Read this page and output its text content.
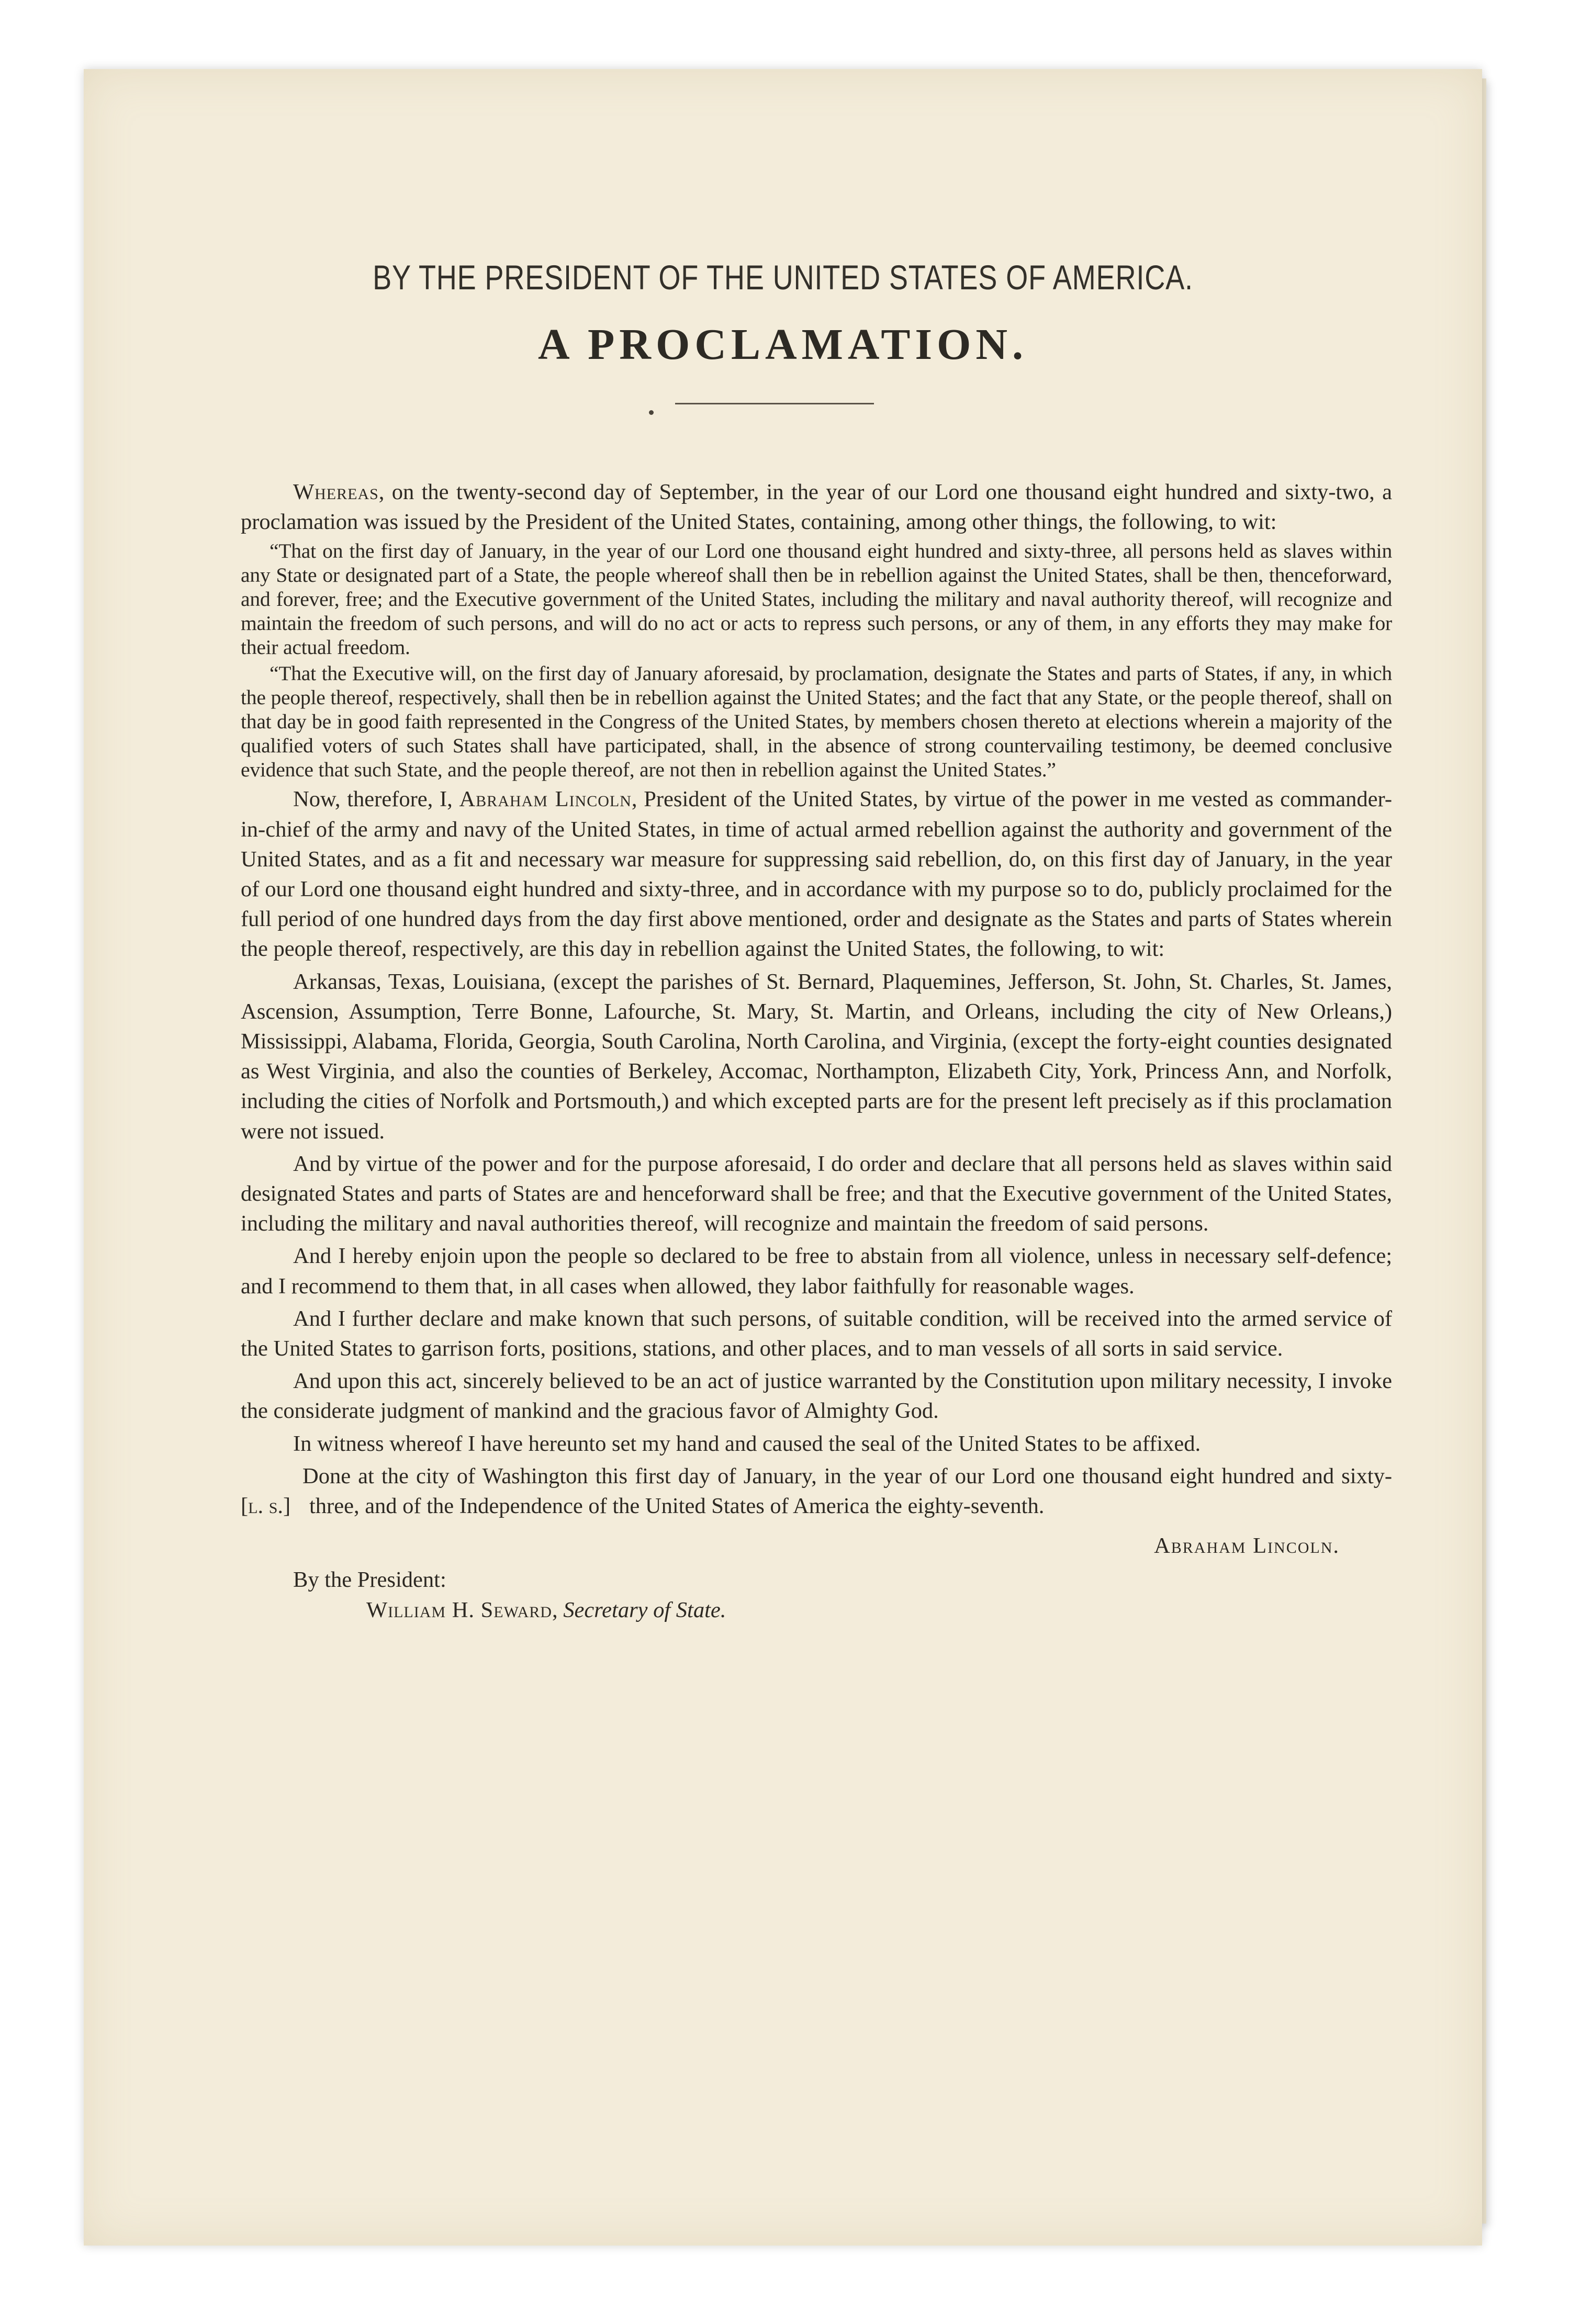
BY THE PRESIDENT OF THE UNITED STATES OF AMERICA.
A PROCLAMATION.

Whereas, on the twenty-second day of September, in the year of our Lord one thousand eight hundred and sixty-two, a proclamation was issued by the President of the United States, containing, among other things, the following, to wit:

“That on the first day of January, in the year of our Lord one thousand eight hundred and sixty-three, all persons held as slaves within any State or designated part of a State, the people whereof shall then be in rebellion against the United States, shall be then, thenceforward, and forever, free; and the Executive government of the United States, including the military and naval authority thereof, will recognize and maintain the freedom of such persons, and will do no act or acts to repress such persons, or any of them, in any efforts they may make for their actual freedom.

“That the Executive will, on the first day of January aforesaid, by proclamation, designate the States and parts of States, if any, in which the people thereof, respectively, shall then be in rebellion against the United States; and the fact that any State, or the people thereof, shall on that day be in good faith represented in the Congress of the United States, by members chosen thereto at elections wherein a majority of the qualified voters of such States shall have participated, shall, in the absence of strong countervailing testimony, be deemed conclusive evidence that such State, and the people thereof, are not then in rebellion against the United States.”

Now, therefore, I, Abraham Lincoln, President of the United States, by virtue of the power in me vested as commander-in-chief of the army and navy of the United States, in time of actual armed rebellion against the authority and government of the United States, and as a fit and necessary war measure for suppressing said rebellion, do, on this first day of January, in the year of our Lord one thousand eight hundred and sixty-three, and in accordance with my purpose so to do, publicly proclaimed for the full period of one hundred days from the day first above mentioned, order and designate as the States and parts of States wherein the people thereof, respectively, are this day in rebellion against the United States, the following, to wit:

Arkansas, Texas, Louisiana, (except the parishes of St. Bernard, Plaquemines, Jefferson, St. John, St. Charles, St. James, Ascension, Assumption, Terre Bonne, Lafourche, St. Mary, St. Martin, and Orleans, including the city of New Orleans,) Mississippi, Alabama, Florida, Georgia, South Carolina, North Carolina, and Virginia, (except the forty-eight counties designated as West Virginia, and also the counties of Berkeley, Accomac, Northampton, Elizabeth City, York, Princess Ann, and Norfolk, including the cities of Norfolk and Portsmouth,) and which excepted parts are for the present left precisely as if this proclamation were not issued.

And by virtue of the power and for the purpose aforesaid, I do order and declare that all persons held as slaves within said designated States and parts of States are and henceforward shall be free; and that the Executive government of the United States, including the military and naval authorities thereof, will recognize and maintain the freedom of said persons.

And I hereby enjoin upon the people so declared to be free to abstain from all violence, unless in necessary self-defence; and I recommend to them that, in all cases when allowed, they labor faithfully for reasonable wages.

And I further declare and make known that such persons, of suitable condition, will be received into the armed service of the United States to garrison forts, positions, stations, and other places, and to man vessels of all sorts in said service.

And upon this act, sincerely believed to be an act of justice warranted by the Constitution upon military necessity, I invoke the considerate judgment of mankind and the gracious favor of Almighty God.

In witness whereof I have hereunto set my hand and caused the seal of the United States to be affixed.

[l. s.]

Done at the city of Washington this first day of January, in the year of our Lord one thousand eight hundred and sixty-three, and of the Independence of the United States of America the eighty-seventh.

Abraham Lincoln.
By the President:
William H. Seward, Secretary of State.
